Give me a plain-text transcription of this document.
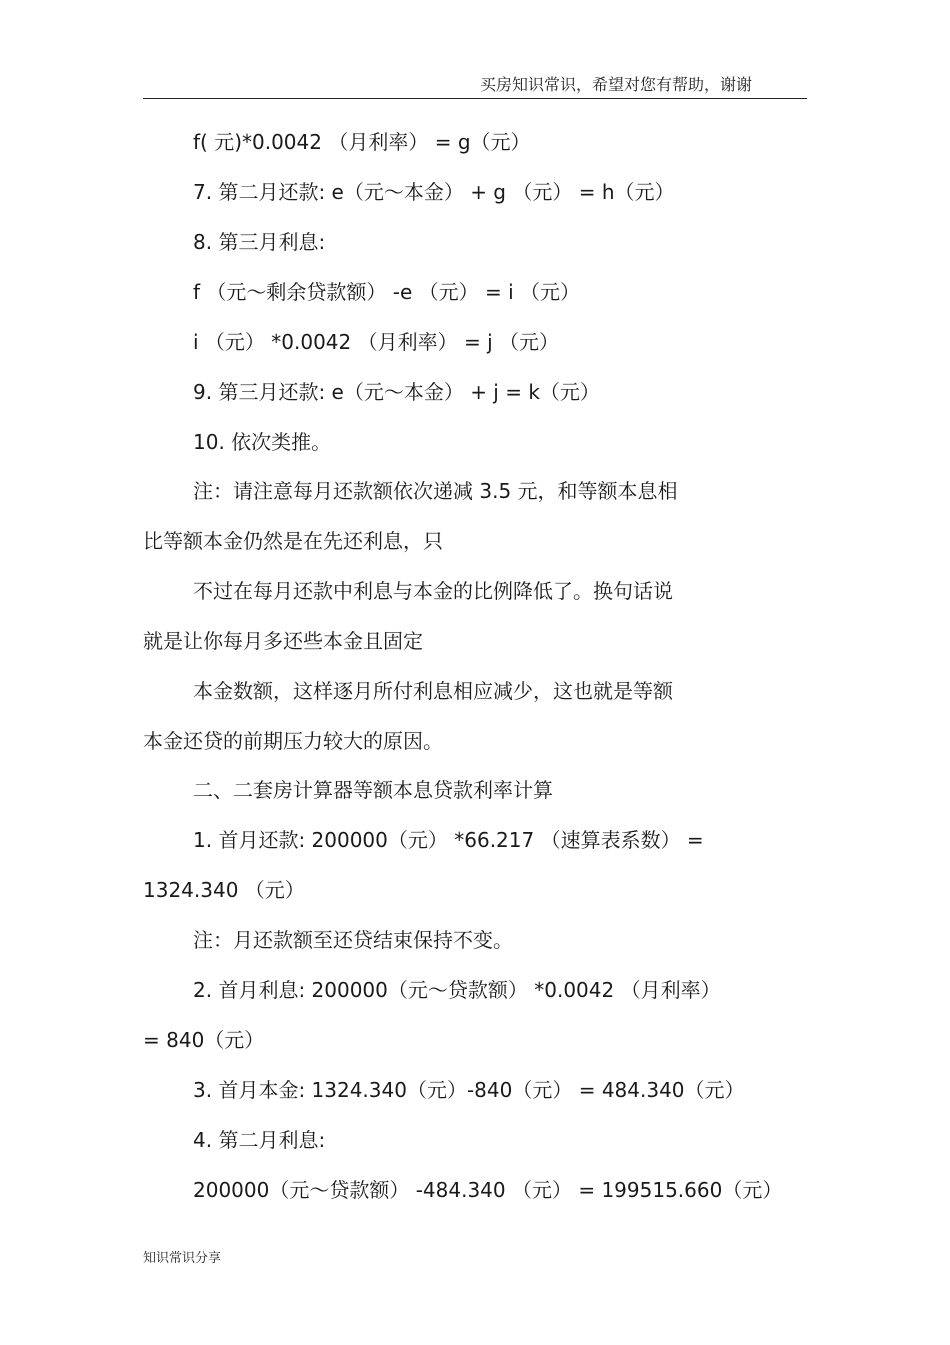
买房知识常识，希望对您有帮助，谢谢
f( 元)*0.0042 （月利率） = g（元）
7. 第二月还款: e（元～本金） + g （元） = h（元）
8. 第三月利息:
f （元～剩余贷款额） -e （元） = i （元）
i （元） *0.0042 （月利率） = j （元）
9. 第三月还款: e（元～本金） + j = k（元）
10. 依次类推。
注：请注意每月还款额依次递减 3.5 元，和等额本息相
比等额本金仍然是在先还利息，只
不过在每月还款中利息与本金的比例降低了。换句话说
就是让你每月多还些本金且固定
本金数额，这样逐月所付利息相应减少，这也就是等额
本金还贷的前期压力较大的原因。
二、二套房计算器等额本息贷款利率计算
1. 首月还款: 200000（元） *66.217 （速算表系数） =
1324.340 （元）
注：月还款额至还贷结束保持不变。
2. 首月利息: 200000（元～贷款额） *0.0042 （月利率）
= 840（元）
3. 首月本金: 1324.340（元）-840（元） = 484.340（元）
4. 第二月利息:
200000（元～贷款额） -484.340 （元） = 199515.660（元）
知识常识分享
